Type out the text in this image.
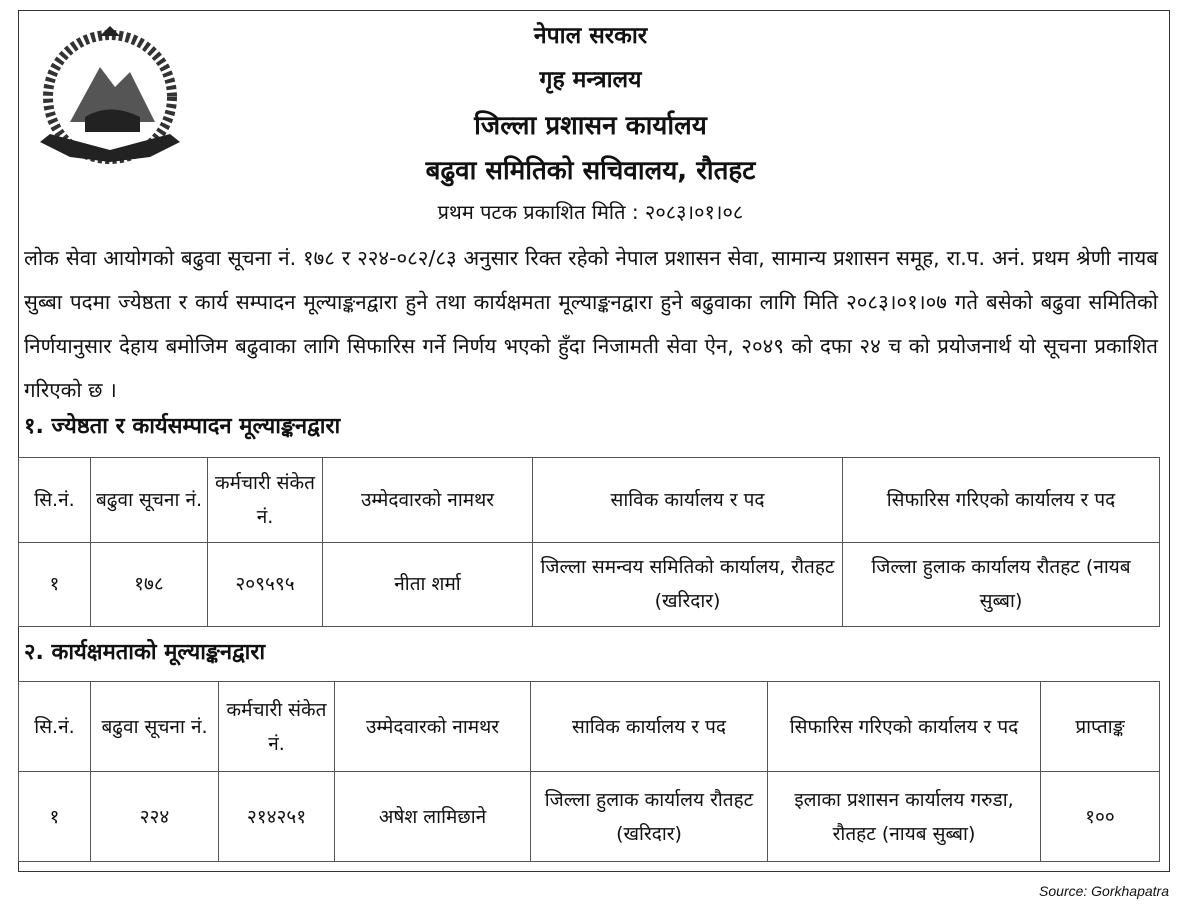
नेपाल सरकार
गृह मन्त्रालय
जिल्ला प्रशासन कार्यालय
बढुवा समितिको सचिवालय, रौतहट
प्रथम पटक प्रकाशित मिति : २०८३।०१।०८
लोक सेवा आयोगको बढुवा सूचना नं. १७८ र २२४-०८२/८३ अनुसार रिक्त रहेको नेपाल प्रशासन सेवा, सामान्य प्रशासन समूह, रा.प. अनं. प्रथम श्रेणी नायब सुब्बा पदमा ज्येष्ठता र कार्य सम्पादन मूल्याङ्कनद्वारा हुने तथा कार्यक्षमता मूल्याङ्कनद्वारा हुने बढुवाका लागि मिति २०८३।०१।०७ गते बसेको बढुवा समितिको निर्णयानुसार देहाय बमोजिम बढुवाका लागि सिफारिस गर्ने निर्णय भएको हुँदा निजामती सेवा ऐन, २०४९ को दफा २४ च को प्रयोजनार्थ यो सूचना प्रकाशित गरिएको छ ।
१. ज्येष्ठता र कार्यसम्पादन मूल्याङ्कनद्वारा
सि.नं.	बढुवा सूचना नं.	कर्मचारी संकेत नं.	उम्मेदवारको नामथर	साविक कार्यालय र पद	सिफारिस गरिएको कार्यालय र पद
१	१७८	२०९५९५	नीता शर्मा	जिल्ला समन्वय समितिको कार्यालय, रौतहट (खरिदार)	जिल्ला हुलाक कार्यालय रौतहट (नायब सुब्बा)
२. कार्यक्षमताको मूल्याङ्कनद्वारा
सि.नं.	बढुवा सूचना नं.	कर्मचारी संकेत नं.	उम्मेदवारको नामथर	साविक कार्यालय र पद	सिफारिस गरिएको कार्यालय र पद	प्राप्ताङ्क
१	२२४	२१४२५१	अषेश लामिछाने	जिल्ला हुलाक कार्यालय रौतहट (खरिदार)	इलाका प्रशासन कार्यालय गरुडा, रौतहट (नायब सुब्बा)	१००
Source: Gorkhapatra
